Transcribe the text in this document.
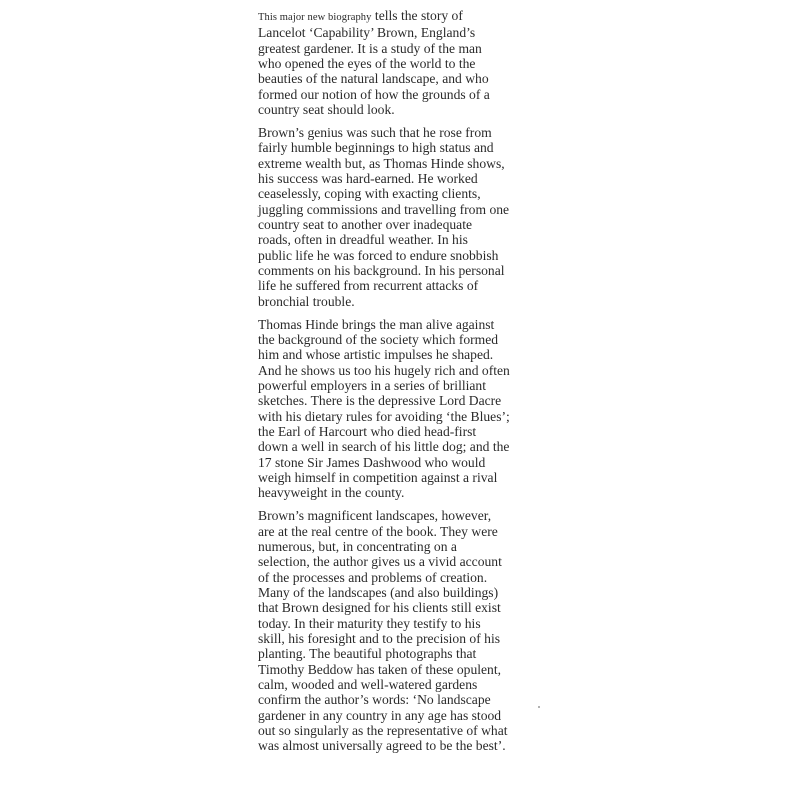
This major new biography tells the story of
Lancelot ‘Capability’ Brown, England’s
greatest gardener. It is a study of the man
who opened the eyes of the world to the
beauties of the natural landscape, and who
formed our notion of how the grounds of a
country seat should look.

Brown’s genius was such that he rose from
fairly humble beginnings to high status and
extreme wealth but, as Thomas Hinde shows,
his success was hard-earned. He worked
ceaselessly, coping with exacting clients,
juggling commissions and travelling from one
country seat to another over inadequate
roads, often in dreadful weather. In his
public life he was forced to endure snobbish
comments on his background. In his personal
life he suffered from recurrent attacks of
bronchial trouble.

Thomas Hinde brings the man alive against
the background of the society which formed
him and whose artistic impulses he shaped.
And he shows us too his hugely rich and often
powerful employers in a series of brilliant
sketches. There is the depressive Lord Dacre
with his dietary rules for avoiding ‘the Blues’;
the Earl of Harcourt who died head-first
down a well in search of his little dog; and the
17 stone Sir James Dashwood who would
weigh himself in competition against a rival
heavyweight in the county.

Brown’s magnificent landscapes, however,
are at the real centre of the book. They were
numerous, but, in concentrating on a
selection, the author gives us a vivid account
of the processes and problems of creation.
Many of the landscapes (and also buildings)
that Brown designed for his clients still exist
today. In their maturity they testify to his
skill, his foresight and to the precision of his
planting. The beautiful photographs that
Timothy Beddow has taken of these opulent,
calm, wooded and well-watered gardens
confirm the author’s words: ‘No landscape
gardener in any country in any age has stood
out so singularly as the representative of what
was almost universally agreed to be the best’.
